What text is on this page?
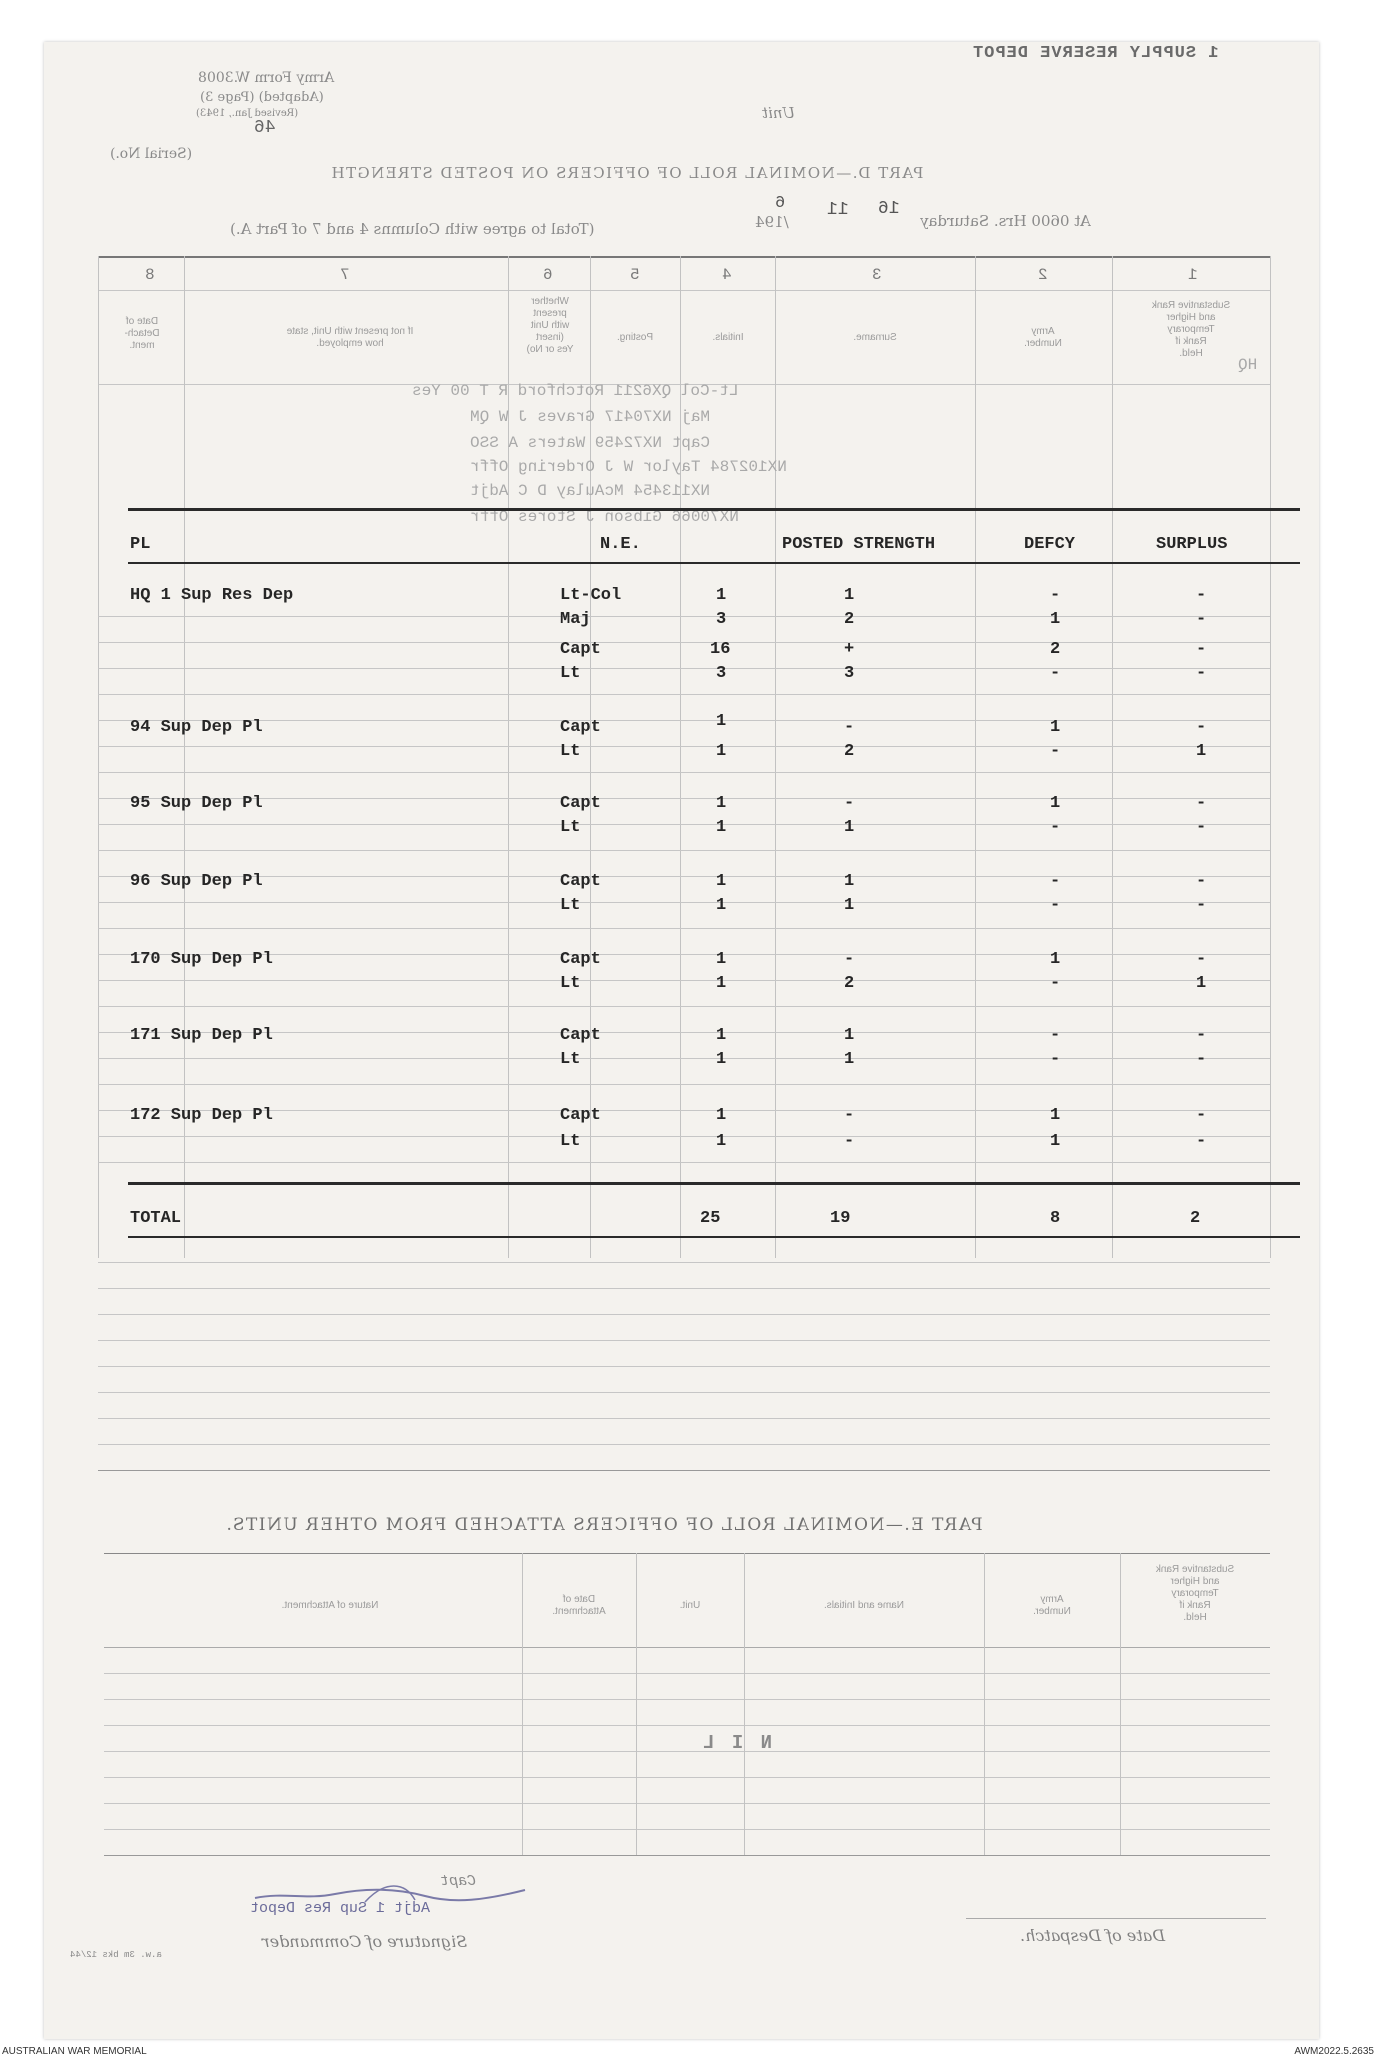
Army Form W.3008
(Adapted) (Page 3)
(Revised Jan., 1943)
46
(Serial No.)
Unit
1 SUPPLY RESERVE DEPOT
PART D.—NOMINAL ROLL OF OFFICERS ON POSTED STRENGTH
At 0600 Hrs. Saturday
16
11
/194
6
(Total to agree with Columns 4 and 7 of Part A.)
8	7	6	5	4	3	2	1
Date of
Detach-
ment.
If not present with Unit, state
how employed.
Whether
present
with Unit
(insert
Yes or No)
Posting.	Initials.	Surname.
Army
Number.
Substantive Rank
and Higher
Temporary
Rank if
Held.
HQ
Lt-Col QX6211 Rotchford R T 00 Yes
Maj NX70417 Graves J W QM
Capt NX72459 Waters A SSO
NX102784 Taylor W J Ordering Offr
NX113454 McAulay D C Adjt
NX70066 Gibson J Stores Offr
PL	N.E.	POSTED STRENGTH	DEFCY	SURPLUS
HQ 1 Sup Res Dep	Lt-Col	1	1	-	-
Maj	3	2	1	-
Capt	16	+	2	-
Lt	3	3	-	-
94 Sup Dep Pl	Capt	1	-	1	-
Lt	1	2	-	1
95 Sup Dep Pl	Capt	1	-	1	-
Lt	1	1	-	-
96 Sup Dep Pl	Capt	1	1	-	-
Lt	1	1	-	-
170 Sup Dep Pl	Capt	1	-	1	-
Lt	1	2	-	1
171 Sup Dep Pl	Capt	1	1	-	-
Lt	1	1	-	-
172 Sup Dep Pl	Capt	1	-	1	-
Lt	1	-	1	-
TOTAL	25	19	8	2
PART E.—NOMINAL ROLL OF OFFICERS ATTACHED FROM OTHER UNITS.
Nature of Attachment.
Date of
Attachment.
Unit.	Name and Initials.
Army
Number.
Substantive Rank
and Higher
Temporary
Rank if
Held.
N I L
Capt
Adjt 1 Sup Res Depot
Signature of Commander	Date of Despatch.
a.w. 3m bks 12/44
AUSTRALIAN WAR MEMORIAL	AWM2022.5.2635
